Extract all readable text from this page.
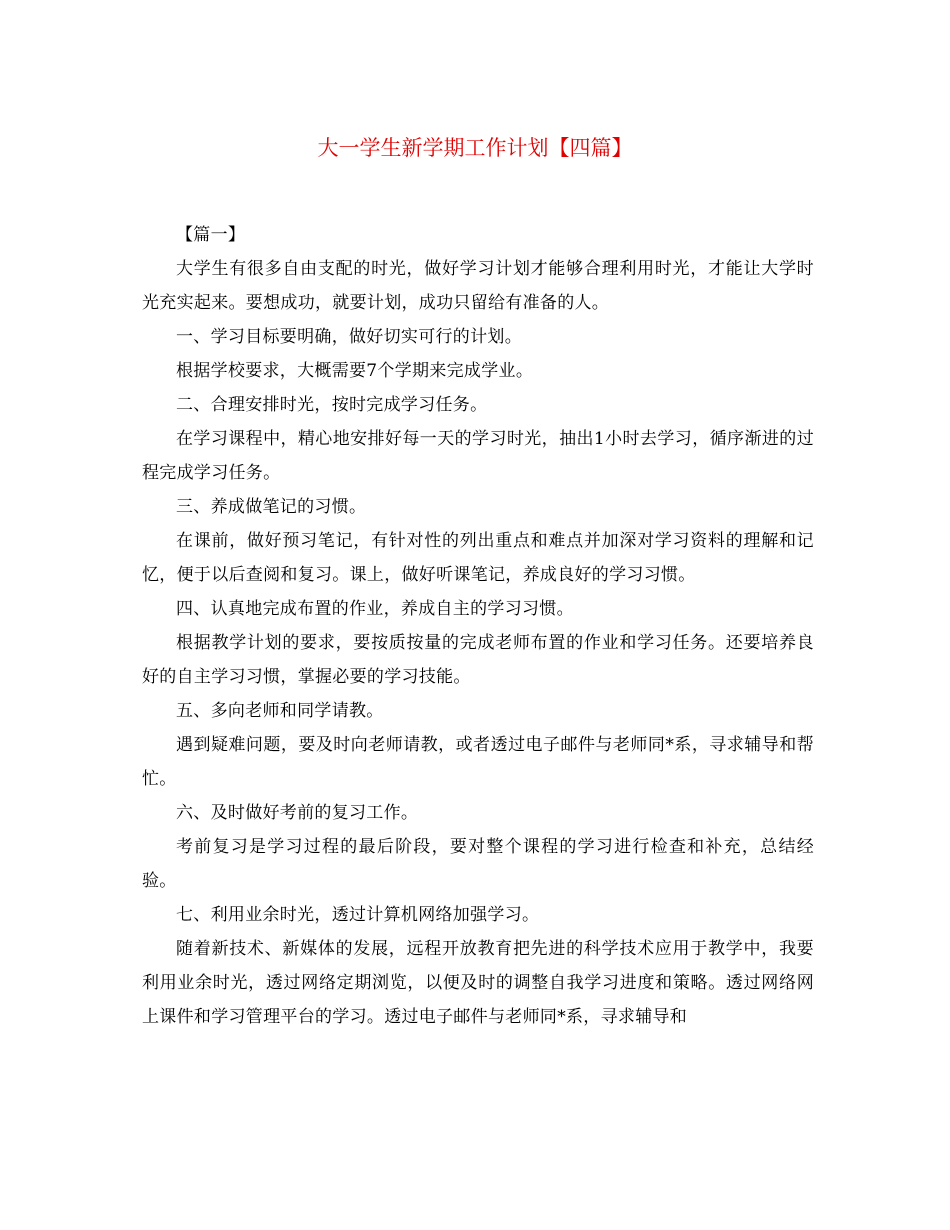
大一学生新学期工作计划【四篇】

【篇一】

大学生有很多自由支配的时光，做好学习计划才能够合理利用时光，才能让大学时光充实起来。要想成功，就要计划，成功只留给有准备的人。

一、学习目标要明确，做好切实可行的计划。

根据学校要求，大概需要7个学期来完成学业。

二、合理安排时光，按时完成学习任务。

在学习课程中，精心地安排好每一天的学习时光，抽出1小时去学习，循序渐进的过程完成学习任务。

三、养成做笔记的习惯。

在课前，做好预习笔记，有针对性的列出重点和难点并加深对学习资料的理解和记忆，便于以后查阅和复习。课上，做好听课笔记，养成良好的学习习惯。

四、认真地完成布置的作业，养成自主的学习习惯。

根据教学计划的要求，要按质按量的完成老师布置的作业和学习任务。还要培养良好的自主学习习惯，掌握必要的学习技能。

五、多向老师和同学请教。

遇到疑难问题，要及时向老师请教，或者透过电子邮件与老师同*系，寻求辅导和帮忙。

六、及时做好考前的复习工作。

考前复习是学习过程的最后阶段，要对整个课程的学习进行检查和补充，总结经验。

七、利用业余时光，透过计算机网络加强学习。

随着新技术、新媒体的发展，远程开放教育把先进的科学技术应用于教学中，我要利用业余时光，透过网络定期浏览，以便及时的调整自我学习进度和策略。透过网络网上课件和学习管理平台的学习。透过电子邮件与老师同*系，寻求辅导和
